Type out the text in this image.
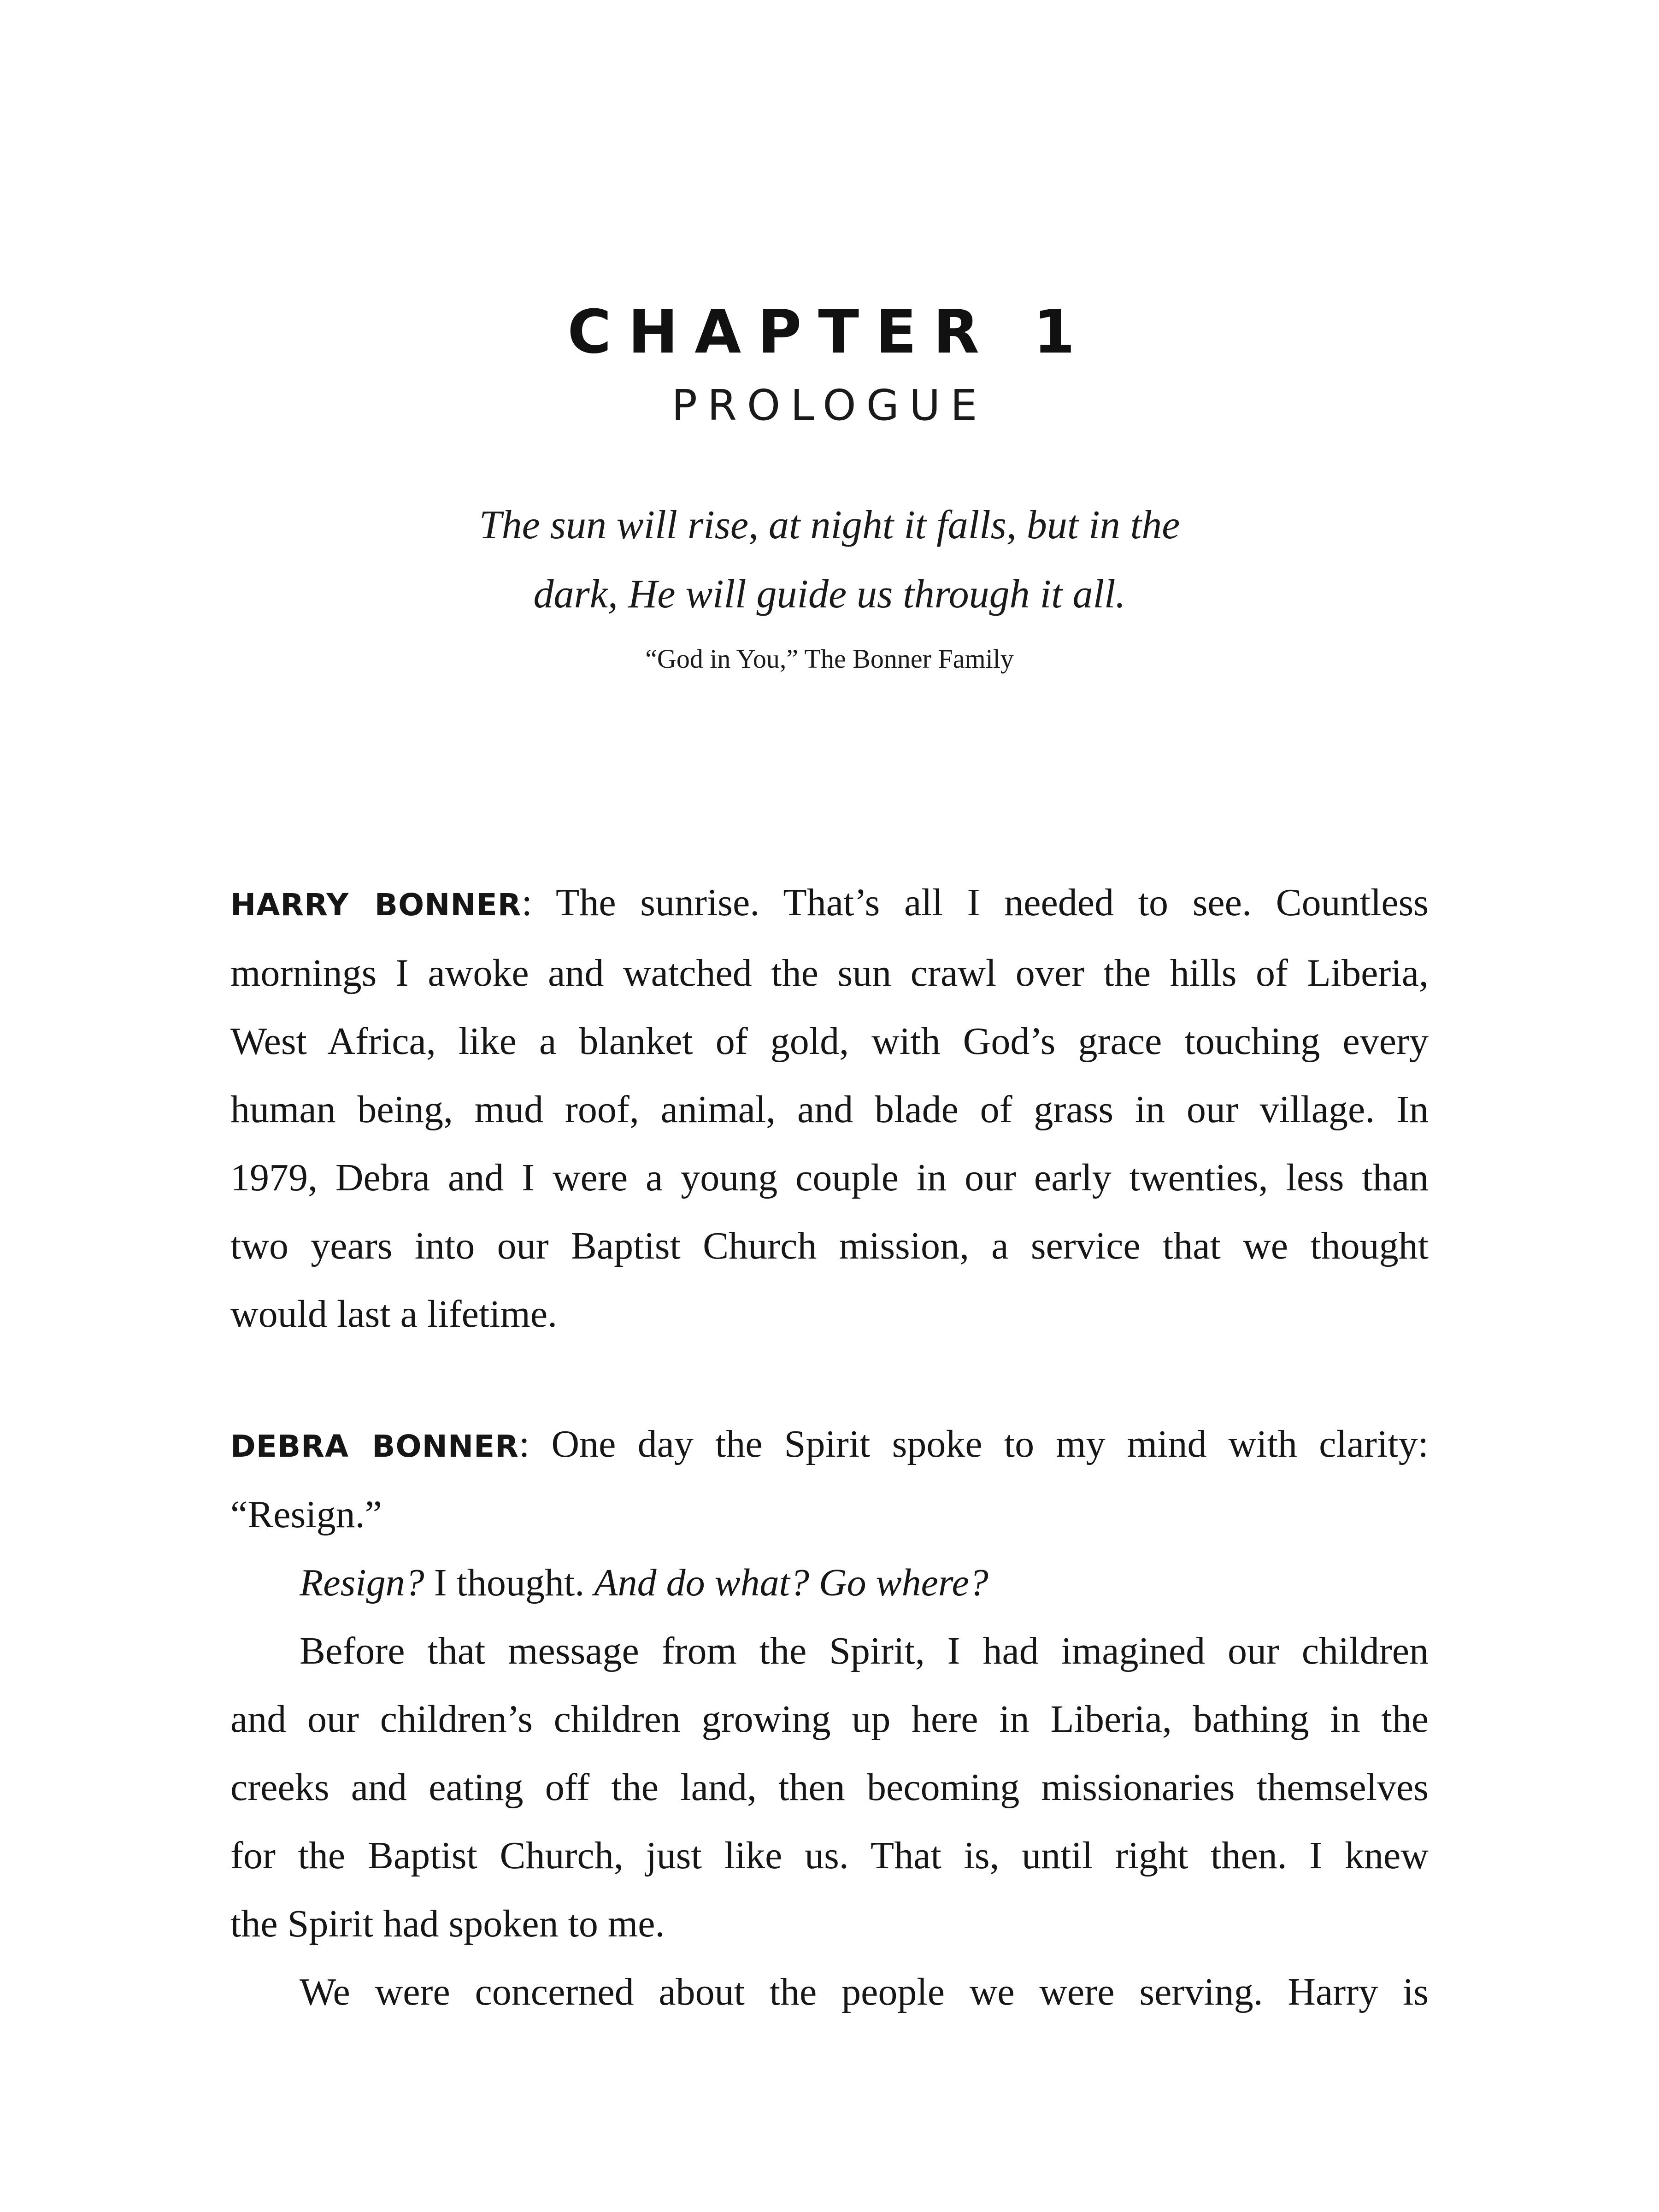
CHAPTER 1
PROLOGUE
The sun will rise, at night it falls, but in the
dark, He will guide us through it all.
“God in You,” The Bonner Family
HARRY BONNER: The sunrise. That’s all I needed to see. Countless
mornings I awoke and watched the sun crawl over the hills of Liberia,
West Africa, like a blanket of gold, with God’s grace touching every
human being, mud roof, animal, and blade of grass in our village. In
1979, Debra and I were a young couple in our early twenties, less than
two years into our Baptist Church mission, a service that we thought
would last a lifetime.
DEBRA BONNER: One day the Spirit spoke to my mind with clarity:
“Resign.”
Resign? I thought. And do what? Go where?
Before that message from the Spirit, I had imagined our children
and our children’s children growing up here in Liberia, bathing in the
creeks and eating off the land, then becoming missionaries themselves
for the Baptist Church, just like us. That is, until right then. I knew
the Spirit had spoken to me.
We were concerned about the people we were serving. Harry is
